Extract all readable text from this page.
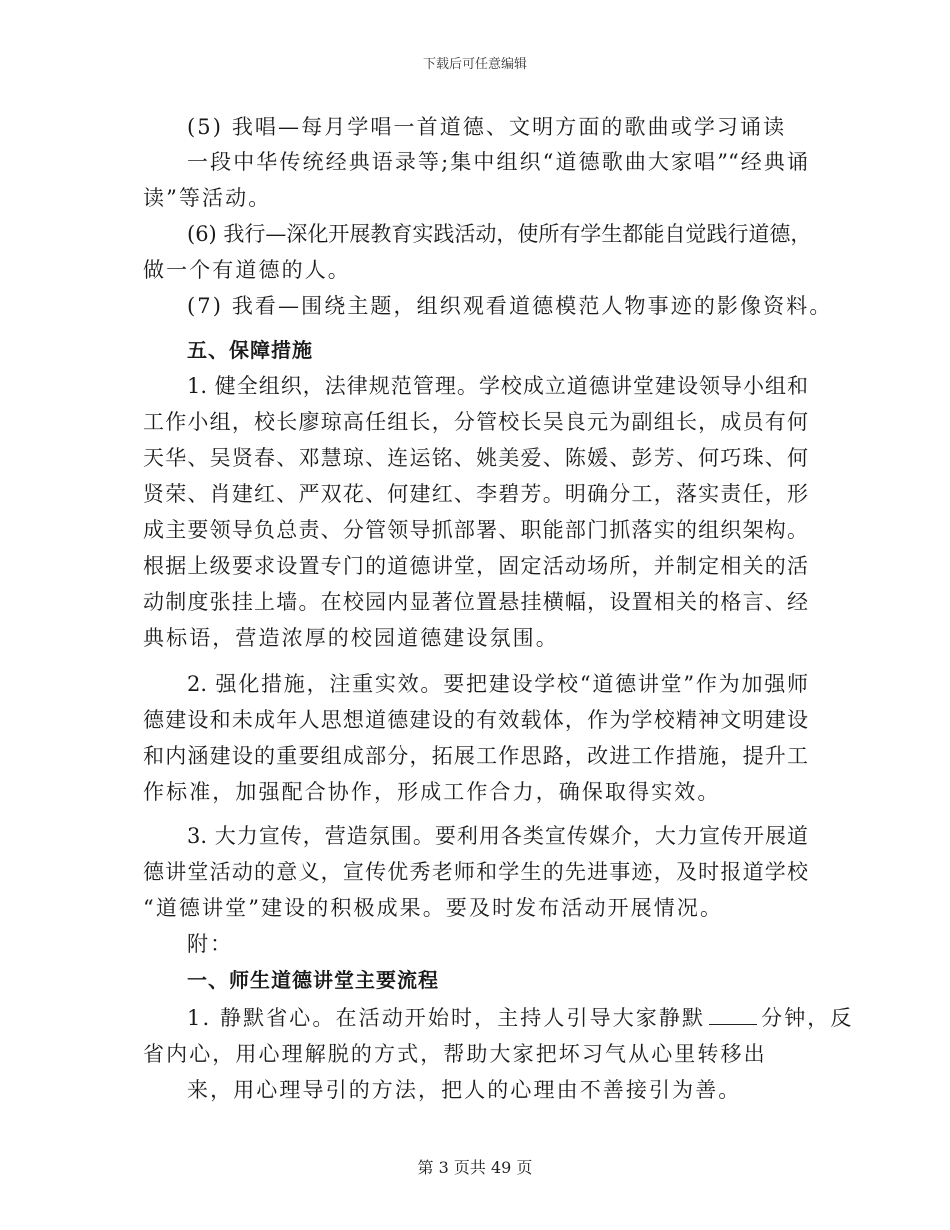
下载后可任意编辑
(5) 我唱—每月学唱一首道德、文明方面的歌曲或学习诵读
一段中华传统经典语录等;集中组织“道德歌曲大家唱”“经典诵
读”等活动。
(6) 我行—深化开展教育实践活动，使所有学生都能自觉践行道德，
做一个有道德的人。
(7) 我看—围绕主题，组织观看道德模范人物事迹的影像资料。
五、保障措施
1. 健全组织，法律规范管理。学校成立道德讲堂建设领导小组和
工作小组，校长廖琼高任组长，分管校长吴良元为副组长，成员有何
天华、吴贤春、邓慧琼、连运铭、姚美爱、陈媛、彭芳、何巧珠、何
贤荣、肖建红、严双花、何建红、李碧芳。明确分工，落实责任，形
成主要领导负总责、分管领导抓部署、职能部门抓落实的组织架构。
根据上级要求设置专门的道德讲堂，固定活动场所，并制定相关的活
动制度张挂上墙。在校园内显著位置悬挂横幅，设置相关的格言、经
典标语，营造浓厚的校园道德建设氛围。
2. 强化措施，注重实效。要把建设学校“道德讲堂”作为加强师
德建设和未成年人思想道德建设的有效载体，作为学校精神文明建设
和内涵建设的重要组成部分，拓展工作思路，改进工作措施，提升工
作标准，加强配合协作，形成工作合力，确保取得实效。
3. 大力宣传，营造氛围。要利用各类宣传媒介，大力宣传开展道
德讲堂活动的意义，宣传优秀老师和学生的先进事迹，及时报道学校
“道德讲堂”建设的积极成果。要及时发布活动开展情况。
附：
一、师生道德讲堂主要流程
1. 静默省心。在活动开始时，主持人引导大家静默	分钟，反
省内心，用心理解脱的方式，帮助大家把坏习气从心里转移出
来，用心理导引的方法，把人的心理由不善接引为善。
第 3 页共 49 页
